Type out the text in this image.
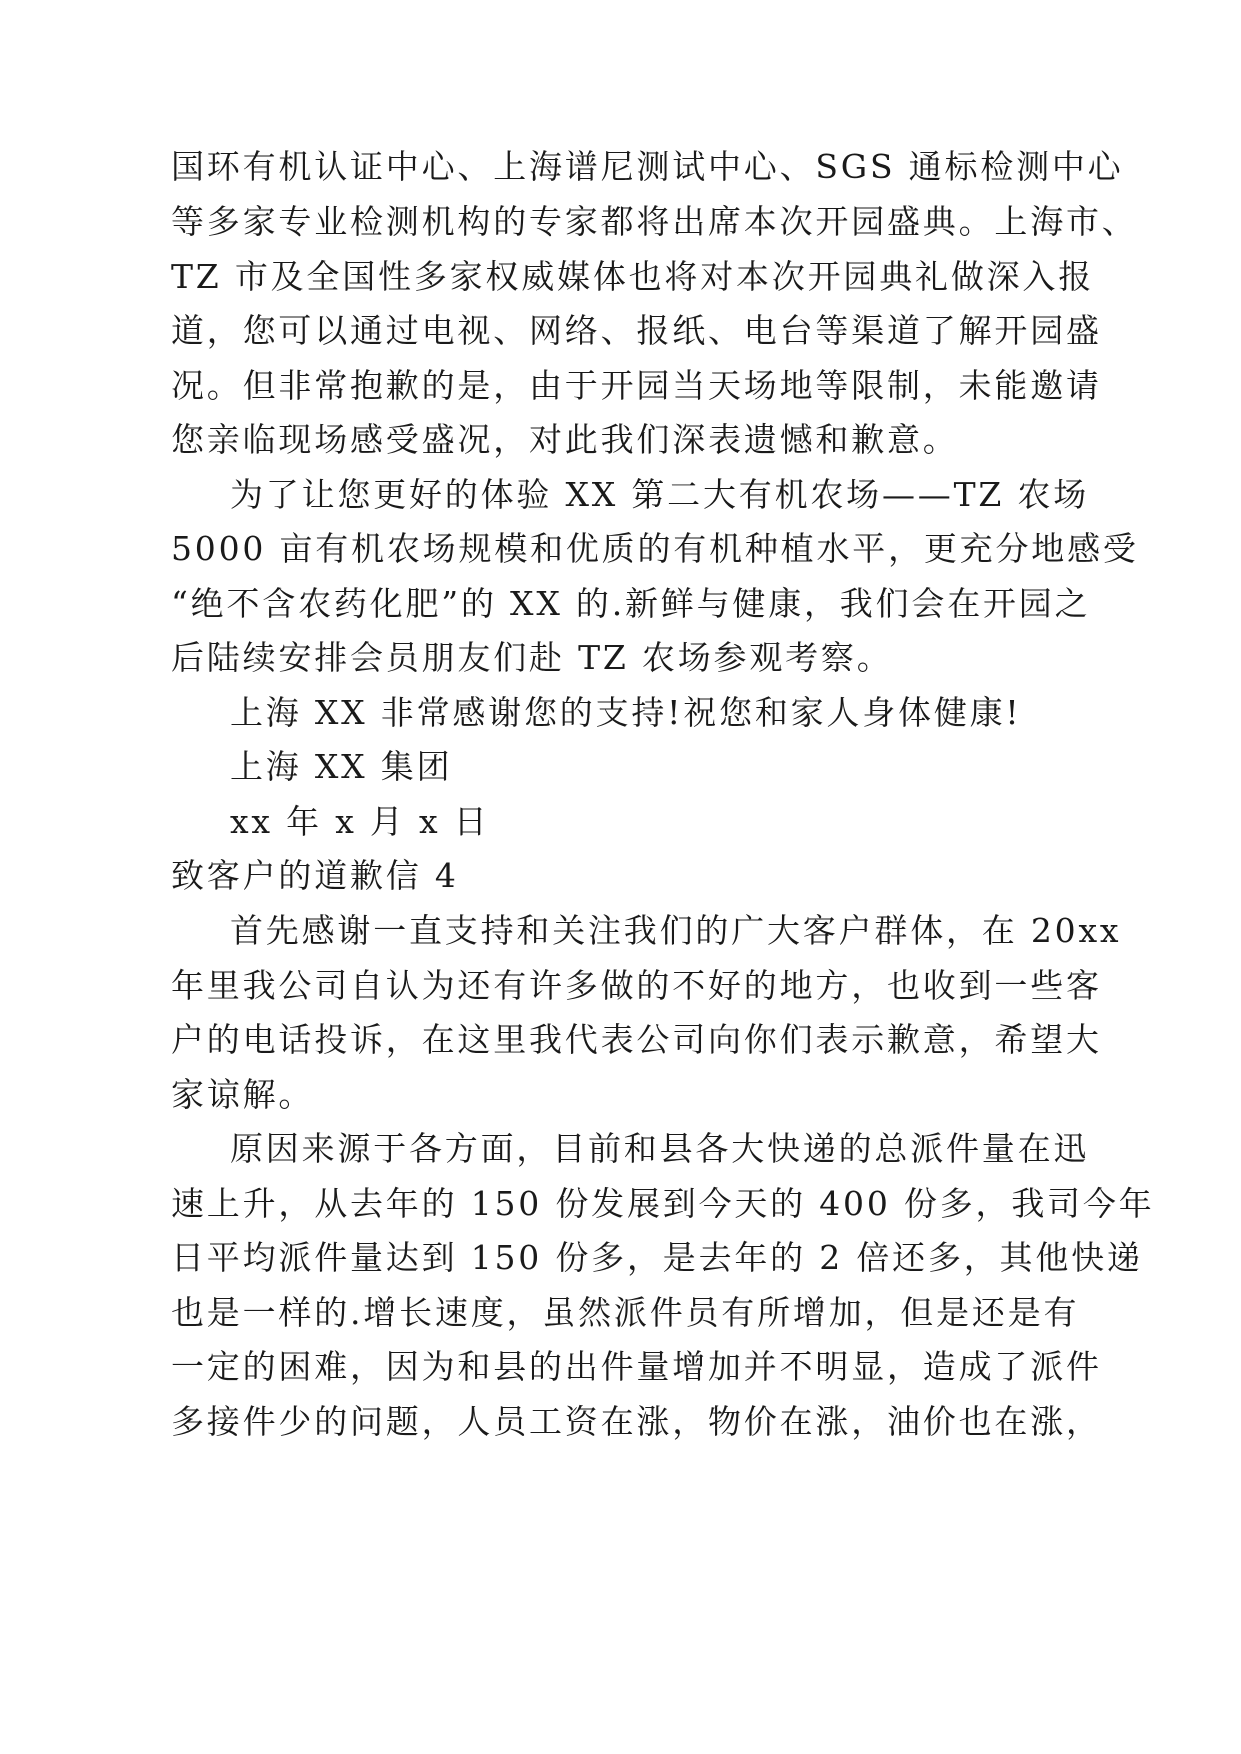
国环有机认证中心、上海谱尼测试中心、SGS 通标检测中心
等多家专业检测机构的专家都将出席本次开园盛典。上海市、
TZ 市及全国性多家权威媒体也将对本次开园典礼做深入报
道，您可以通过电视、网络、报纸、电台等渠道了解开园盛
况。但非常抱歉的是，由于开园当天场地等限制，未能邀请
您亲临现场感受盛况，对此我们深表遗憾和歉意。
为了让您更好的体验 XX 第二大有机农场——TZ 农场
5000 亩有机农场规模和优质的有机种植水平，更充分地感受
“绝不含农药化肥”的 XX 的.新鲜与健康，我们会在开园之
后陆续安排会员朋友们赴 TZ 农场参观考察。
上海 XX 非常感谢您的支持!祝您和家人身体健康!
上海 XX 集团
xx 年 x 月 x 日
致客户的道歉信 4
首先感谢一直支持和关注我们的广大客户群体，在 20xx
年里我公司自认为还有许多做的不好的地方，也收到一些客
户的电话投诉，在这里我代表公司向你们表示歉意，希望大
家谅解。
原因来源于各方面，目前和县各大快递的总派件量在迅
速上升，从去年的 150 份发展到今天的 400 份多，我司今年
日平均派件量达到 150 份多，是去年的 2 倍还多，其他快递
也是一样的.增长速度，虽然派件员有所增加，但是还是有
一定的困难，因为和县的出件量增加并不明显，造成了派件
多接件少的问题，人员工资在涨，物价在涨，油价也在涨，
